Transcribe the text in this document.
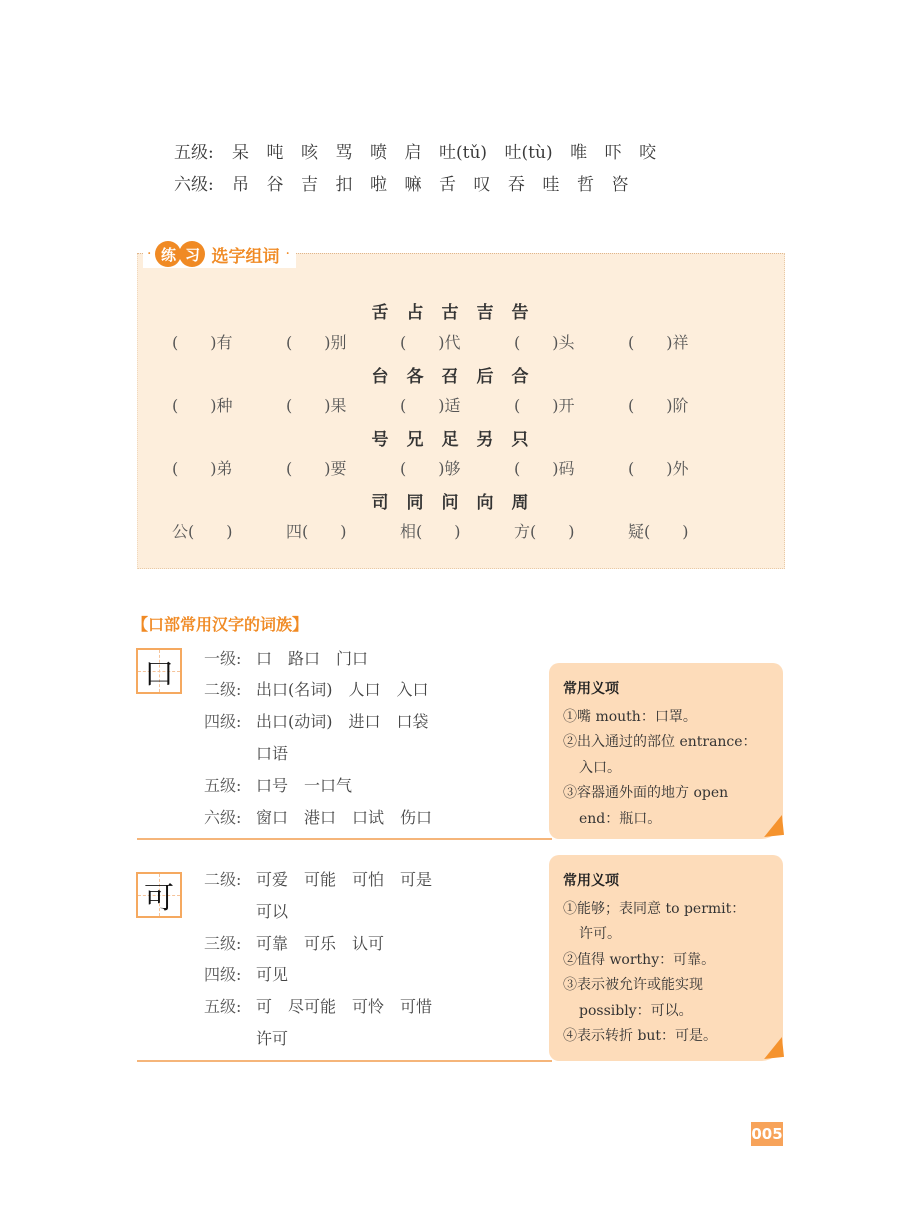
五级: 呆 吨 咳 骂 喷 启 吐(tǔ) 吐(tù) 唯 吓 咬
六级: 吊 谷 吉 扣 啦 嘛 舌 叹 吞 哇 哲 咨
· 练 习 选字组词 ·
舌 占 古 吉 告
(　　)有	(　　)别	(　　)代	(　　)头	(　　)祥
台 各 召 后 合
(　　)种	(　　)果	(　　)适	(　　)开	(　　)阶
号 兄 足 另 只
(　　)弟	(　　)要	(　　)够	(　　)码	(　　)外
司 同 问 向 周
公(　　)	四(　　)	相(　　)	方(　　)	疑(　　)
【口部常用汉字的词族】
口 一级: 口　路口　门口
二级: 出口(名词)　人口　入口
四级: 出口(动词)　进口　口袋
口语
五级: 口号　一口气
六级: 窗口　港口　口试　伤口
常用义项
①嘴 mouth：口罩。
②出入通过的部位 entrance：
入口。
③容器通外面的地方 open
end：瓶口。
可
二级: 可爱　可能　可怕　可是
可以
三级: 可靠　可乐　认可
四级: 可见
五级: 可　尽可能　可怜　可惜
许可
常用义项
①能够；表同意 to permit：
许可。
②值得 worthy：可靠。
③表示被允许或能实现
possibly：可以。
④表示转折 but：可是。
005
